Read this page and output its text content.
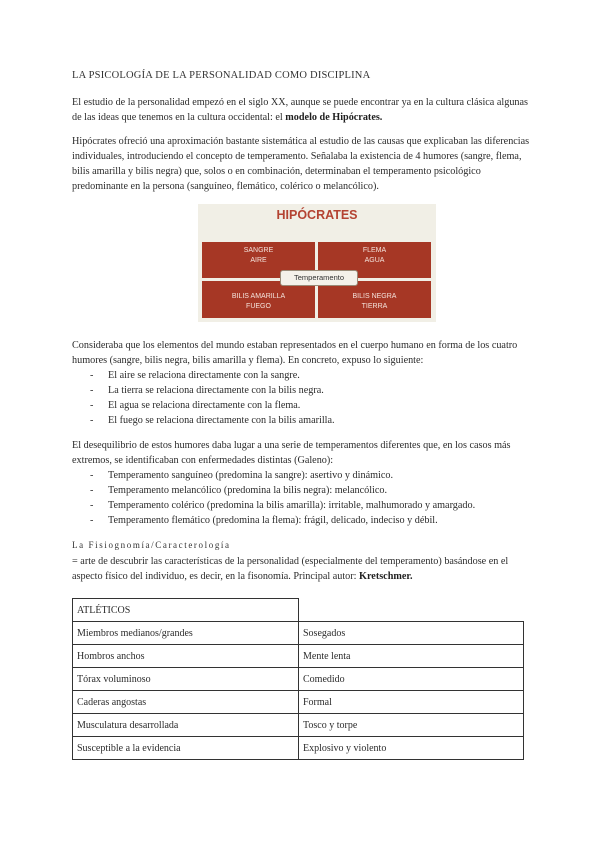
LA PSICOLOGÍA DE LA PERSONALIDAD COMO DISCIPLINA

El estudio de la personalidad empezó en el siglo XX, aunque se puede encontrar ya en la cultura clásica algunas de las ideas que tenemos en la cultura occidental: el modelo de Hipócrates.

Hipócrates ofreció una aproximación bastante sistemática al estudio de las causas que explicaban las diferencias individuales, introduciendo el concepto de temperamento. Señalaba la existencia de 4 humores (sangre, flema, bilis amarilla y bilis negra) que, solos o en combinación, determinaban el temperamento psicológico predominante en la persona (sanguíneo, flemático, colérico o melancólico).

HIPÓCRATES
SANGRE
AIRE
FLEMA
AGUA
BILIS AMARILLA
FUEGO
BILIS NEGRA
TIERRA
Temperamento

Consideraba que los elementos del mundo estaban representados en el cuerpo humano en forma de los cuatro humores (sangre, bilis negra, bilis amarilla y flema). En concreto, expuso lo siguiente:

- El aire se relaciona directamente con la sangre.
- La tierra se relaciona directamente con la bilis negra.
- El agua se relaciona directamente con la flema.
- El fuego se relaciona directamente con la bilis amarilla.

El desequilibrio de estos humores daba lugar a una serie de temperamentos diferentes que, en los casos más extremos, se identificaban con enfermedades distintas (Galeno):

- Temperamento sanguíneo (predomina la sangre): asertivo y dinámico.
- Temperamento melancólico (predomina la bilis negra): melancólico.
- Temperamento colérico (predomina la bilis amarilla): irritable, malhumorado y amargado.
- Temperamento flemático (predomina la flema): frágil, delicado, indeciso y débil.
La Fisiognomía/Caracterología

= arte de descubrir las características de la personalidad (especialmente del temperamento) basándose en el aspecto físico del individuo, es decir, en la fisonomía. Principal autor: Kretschmer.

ATLÉTICOS	
Miembros medianos/grandes	Sosegados
Hombros anchos	Mente lenta
Tórax voluminoso	Comedido
Caderas angostas	Formal
Musculatura desarrollada	Tosco y torpe
Susceptible a la evidencia	Explosivo y violento
